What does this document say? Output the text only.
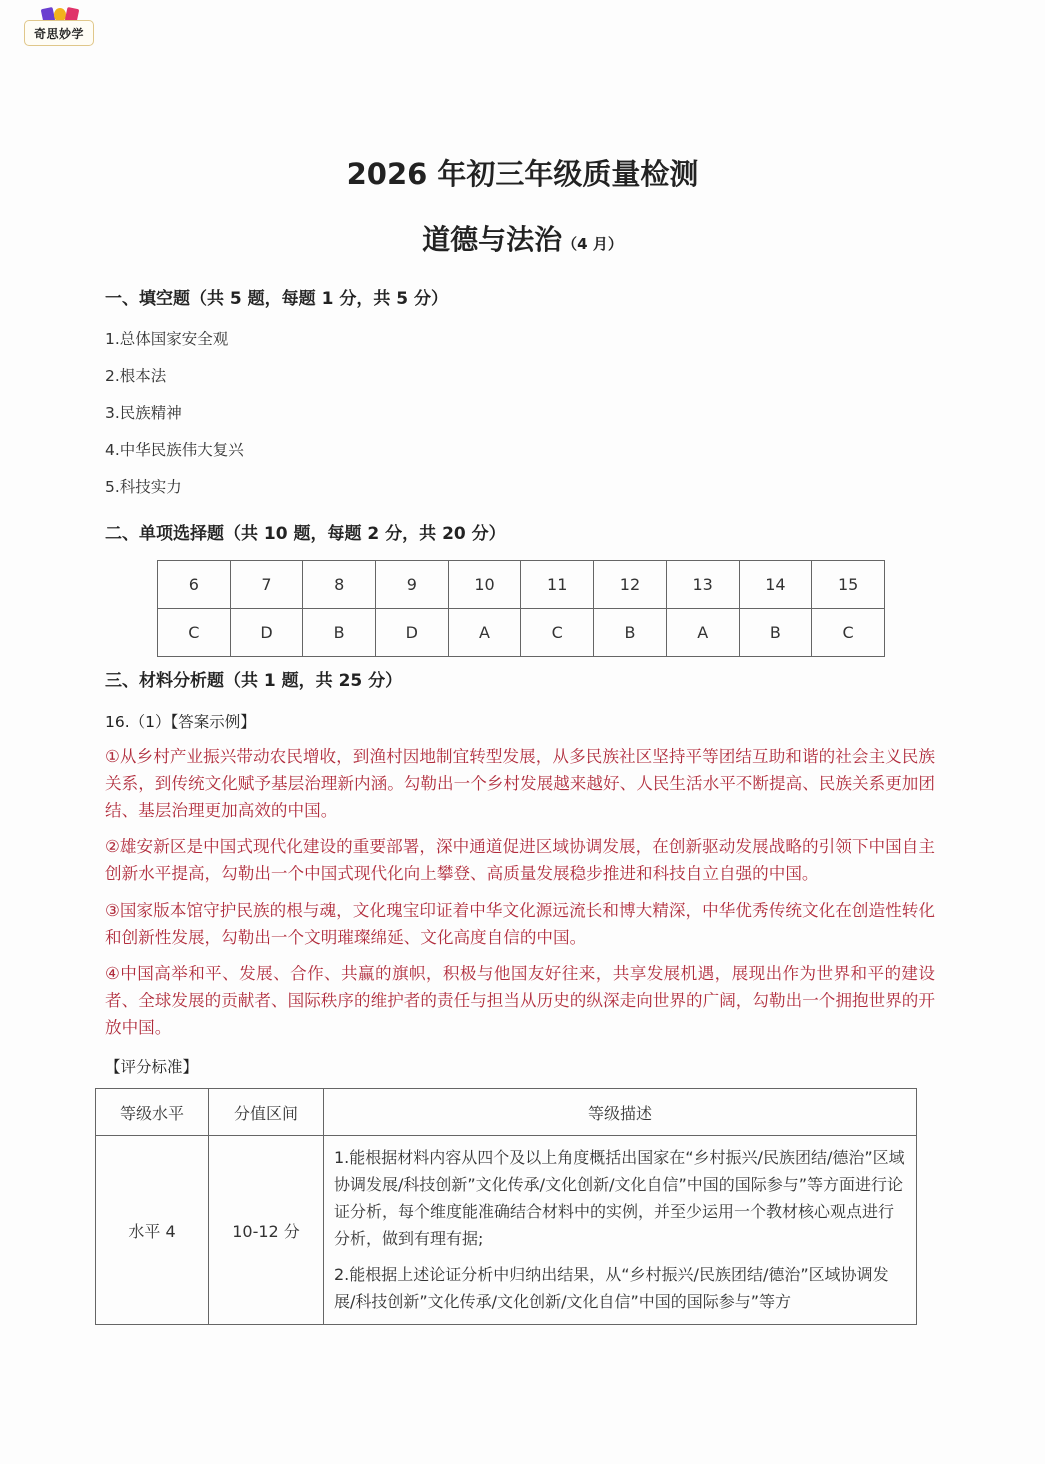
奇思妙学
2026 年初三年级质量检测
道德与法治（4 月）
一、填空题（共 5 题，每题 1 分，共 5 分）
1.总体国家安全观
2.根本法
3.民族精神
4.中华民族伟大复兴
5.科技实力
二、单项选择题（共 10 题，每题 2 分，共 20 分）
6	7	8	9	10	11	12	13	14	15
C	D	B	D	A	C	B	A	B	C
三、材料分析题（共 1 题，共 25 分）
16.（1）【答案示例】
①从乡村产业振兴带动农民增收，到渔村因地制宜转型发展，从多民族社区坚持平等团结互助和谐的社会主义民族关系，到传统文化赋予基层治理新内涵。勾勒出一个乡村发展越来越好、人民生活水平不断提高、民族关系更加团结、基层治理更加高效的中国。
②雄安新区是中国式现代化建设的重要部署，深中通道促进区域协调发展，在创新驱动发展战略的引领下中国自主创新水平提高，勾勒出一个中国式现代化向上攀登、高质量发展稳步推进和科技自立自强的中国。
③国家版本馆守护民族的根与魂，文化瑰宝印证着中华文化源远流长和博大精深，中华优秀传统文化在创造性转化和创新性发展，勾勒出一个文明璀璨绵延、文化高度自信的中国。
④中国高举和平、发展、合作、共赢的旗帜，积极与他国友好往来，共享发展机遇，展现出作为世界和平的建设者、全球发展的贡献者、国际秩序的维护者的责任与担当从历史的纵深走向世界的广阔，勾勒出一个拥抱世界的开放中国。
【评分标准】
等级水平	分值区间	等级描述
水平 4	10-12 分	1.能根据材料内容从四个及以上角度概括出国家在“乡村振兴/民族团结/德治”区域协调发展/科技创新”文化传承/文化创新/文化自信”中国的国际参与”等方面进行论证分析，每个维度能准确结合材料中的实例，并至少运用一个教材核心观点进行分析，做到有理有据;

2.能根据上述论证分析中归纳出结果，从“乡村振兴/民族团结/德治”区域协调发展/科技创新”文化传承/文化创新/文化自信”中国的国际参与”等方
